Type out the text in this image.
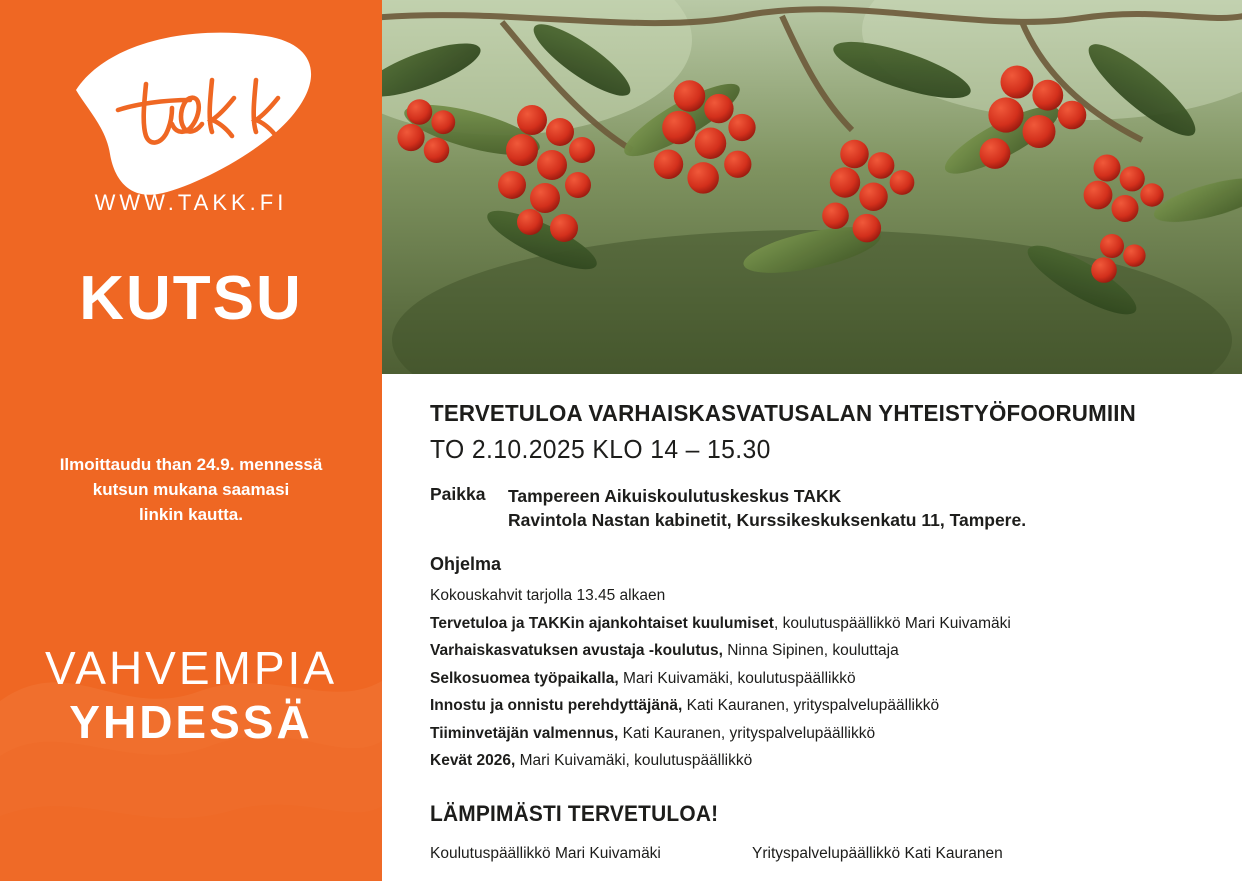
WWW.TAKK.FI
KUTSU
Ilmoittaudu than 24.9. mennessä
kutsun mukana saamasi
linkin kautta.
VAHVEMPIA
YHDESSÄ
TERVETULOA VARHAISKASVATUSALAN YHTEISTYÖFOORUMIIN
TO 2.10.2025 KLO 14 – 15.30
Paikka	Tampereen Aikuiskoulutuskeskus TAKK
Ravintola Nastan kabinetit, Kurssikeskuksenkatu 11, Tampere.
Ohjelma
Kokouskahvit tarjolla 13.45 alkaen
Tervetuloa ja TAKKin ajankohtaiset kuulumiset, koulutuspäällikkö Mari Kuivamäki
Varhaiskasvatuksen avustaja -koulutus, Ninna Sipinen, kouluttaja
Selkosuomea työpaikalla, Mari Kuivamäki, koulutuspäällikkö
Innostu ja onnistu perehdyttäjänä, Kati Kauranen, yrityspalvelupäällikkö
Tiiminvetäjän valmennus, Kati Kauranen, yrityspalvelupäällikkö
Kevät 2026, Mari Kuivamäki, koulutuspäällikkö
LÄMPIMÄSTI TERVETULOA!
Koulutuspäällikkö Mari Kuivamäki	Yrityspalvelupäällikkö Kati Kauranen
